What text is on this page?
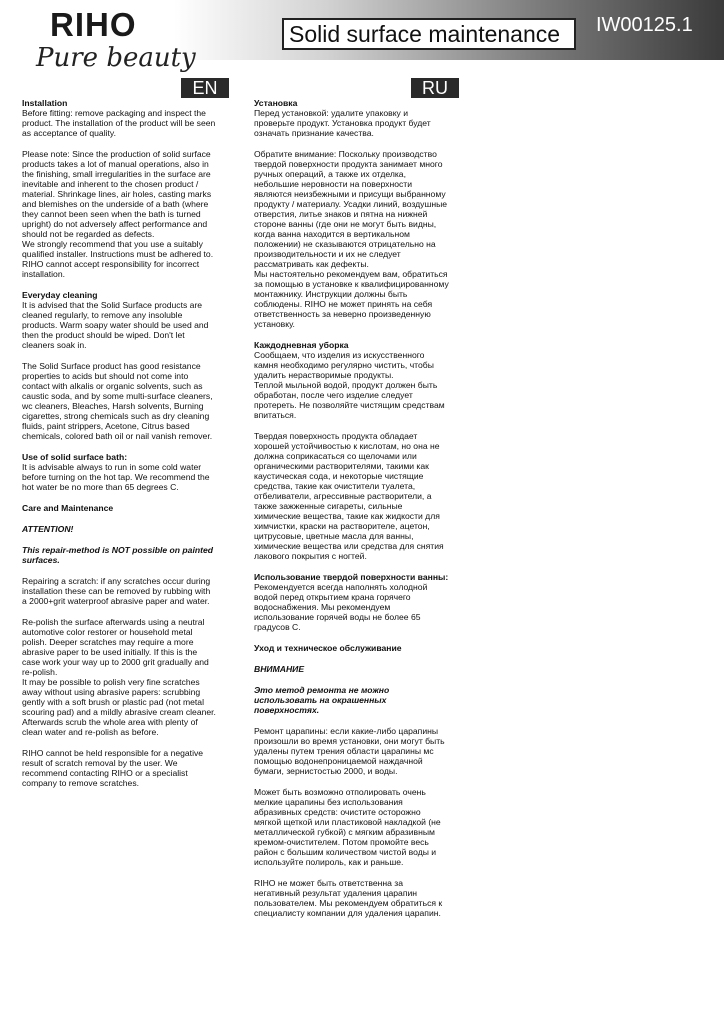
RIHO
Pure beauty
Solid surface maintenance	IW00125.1
EN	RU
Installation

Before fitting: remove packaging and inspect the
product. The installation of the product will be seen
as acceptance of quality.

Please note: Since the production of solid surface
products takes a lot of manual operations, also in
the finishing, small irregularities in the surface are
inevitable and inherent to the chosen product /
material. Shrinkage lines, air holes, casting marks
and blemishes on the underside of a bath (where
they cannot been seen when the bath is turned
upright) do not adversely affect performance and
should not be regarded as defects.
We strongly recommend that you use a suitably
qualified installer. Instructions must be adhered to.
RIHO cannot accept responsibility for incorrect
installation.

Everyday cleaning

It is advised that the Solid Surface products are
cleaned regularly, to remove any insoluble
products. Warm soapy water should be used and
then the product should be wiped. Don't let
cleaners soak in.

The Solid Surface product has good resistance
properties to acids but should not come into
contact with alkalis or organic solvents, such as
caustic soda, and by some multi-surface cleaners,
wc cleaners, Bleaches, Harsh solvents, Burning
cigarettes, strong chemicals such as dry cleaning
fluids, paint strippers, Acetone, Citrus based
chemicals, colored bath oil or nail vanish remover.

Use of solid surface bath:

It is advisable always to run in some cold water
before turning on the hot tap. We recommend the
hot water be no more than 65 degrees C.

Care and Maintenance

ATTENTION!

This repair-method is NOT possible on painted
surfaces.

Repairing a scratch: if any scratches occur during
installation these can be removed by rubbing with
a 2000+grit waterproof abrasive paper and water.

Re-polish the surface afterwards using a neutral
automotive color restorer or household metal
polish. Deeper scratches may require a more
abrasive paper to be used initially. If this is the
case work your way up to 2000 grit gradually and
re-polish.
It may be possible to polish very fine scratches
away without using abrasive papers: scrubbing
gently with a soft brush or plastic pad (not metal
scouring pad) and a mildly abrasive cream cleaner.
Afterwards scrub the whole area with plenty of
clean water and re-polish as before.

RIHO cannot be held responsible for a negative
result of scratch removal by the user. We
recommend contacting RIHO or a specialist
company to remove scratches.

Установка

Перед установкой: удалите упаковку и
проверьте продукт. Установка продукт будет
означать признание качества.

Обратите внимание: Поскольку производство
твердой поверхности продукта занимает много
ручных операций, а также их отделка,
небольшие неровности на поверхности
являются неизбежными и присущи выбранному
продукту / материалу. Усадки линий, воздушные
отверстия, литье знаков и пятна на нижней
стороне ванны (где они не могут быть видны,
когда ванна находится в вертикальном
положении) не сказываются отрицательно на
производительности и их не следует
рассматривать как дефекты.
Мы настоятельно рекомендуем вам, обратиться
за помощью в установке к квалифицированному
монтажнику. Инструкции должны быть
соблюдены. RIHO не может принять на себя
ответственность за неверно произведенную
установку.

Каждодневная уборка

Сообщаем, что изделия из искусственного
камня необходимо регулярно чистить, чтобы
удалить нерастворимые продукты.
Теплой мыльной водой, продукт должен быть
обработан, после чего изделие следует
протереть. Не позволяйте чистящим средствам
впитаться.

Твердая поверхность продукта обладает
хорошей устойчивостью к кислотам, но она не
должна соприкасаться со щелочами или
органическими растворителями, такими как
каустическая сода, и некоторые чистящие
средства, такие как очистители туалета,
отбеливатели, агрессивные растворители, а
также зажженные сигареты, сильные
химические вещества, такие как жидкости для
химчистки, краски на растворителе, ацетон,
цитрусовые, цветные масла для ванны,
химические вещества или средства для снятия
лакового покрытия с ногтей.

Использование твердой поверхности ванны:

Рекомендуется всегда наполнять холодной
водой перед открытием крана горячего
водоснабжения. Мы рекомендуем
использование горячей воды не более 65
градусов С.

Уход и техническое обслуживание

ВНИМАНИЕ

Это метод ремонта не можно
использовать на окрашенных
поверхностях.

Ремонт царапины: если какие-либо царапины
произошли во время установки, они могут быть
удалены путем трения области царапины мс
помощью водонепроницаемой наждачной
бумаги, зернистостью 2000, и воды.

Может быть возможно отполировать очень
мелкие царапины без использования
абразивных средств: очистите осторожно
мягкой щеткой или пластиковой накладкой (не
металлической губкой) с мягким абразивным
кремом-очистителем. Потом промойте весь
район с большим количеством чистой воды и
используйте полироль, как и раньше.

RIHO не может быть ответственна за
негативный результат удаления царапин
пользователем. Мы рекомендуем обратиться к
специалисту компании для удаления царапин.
